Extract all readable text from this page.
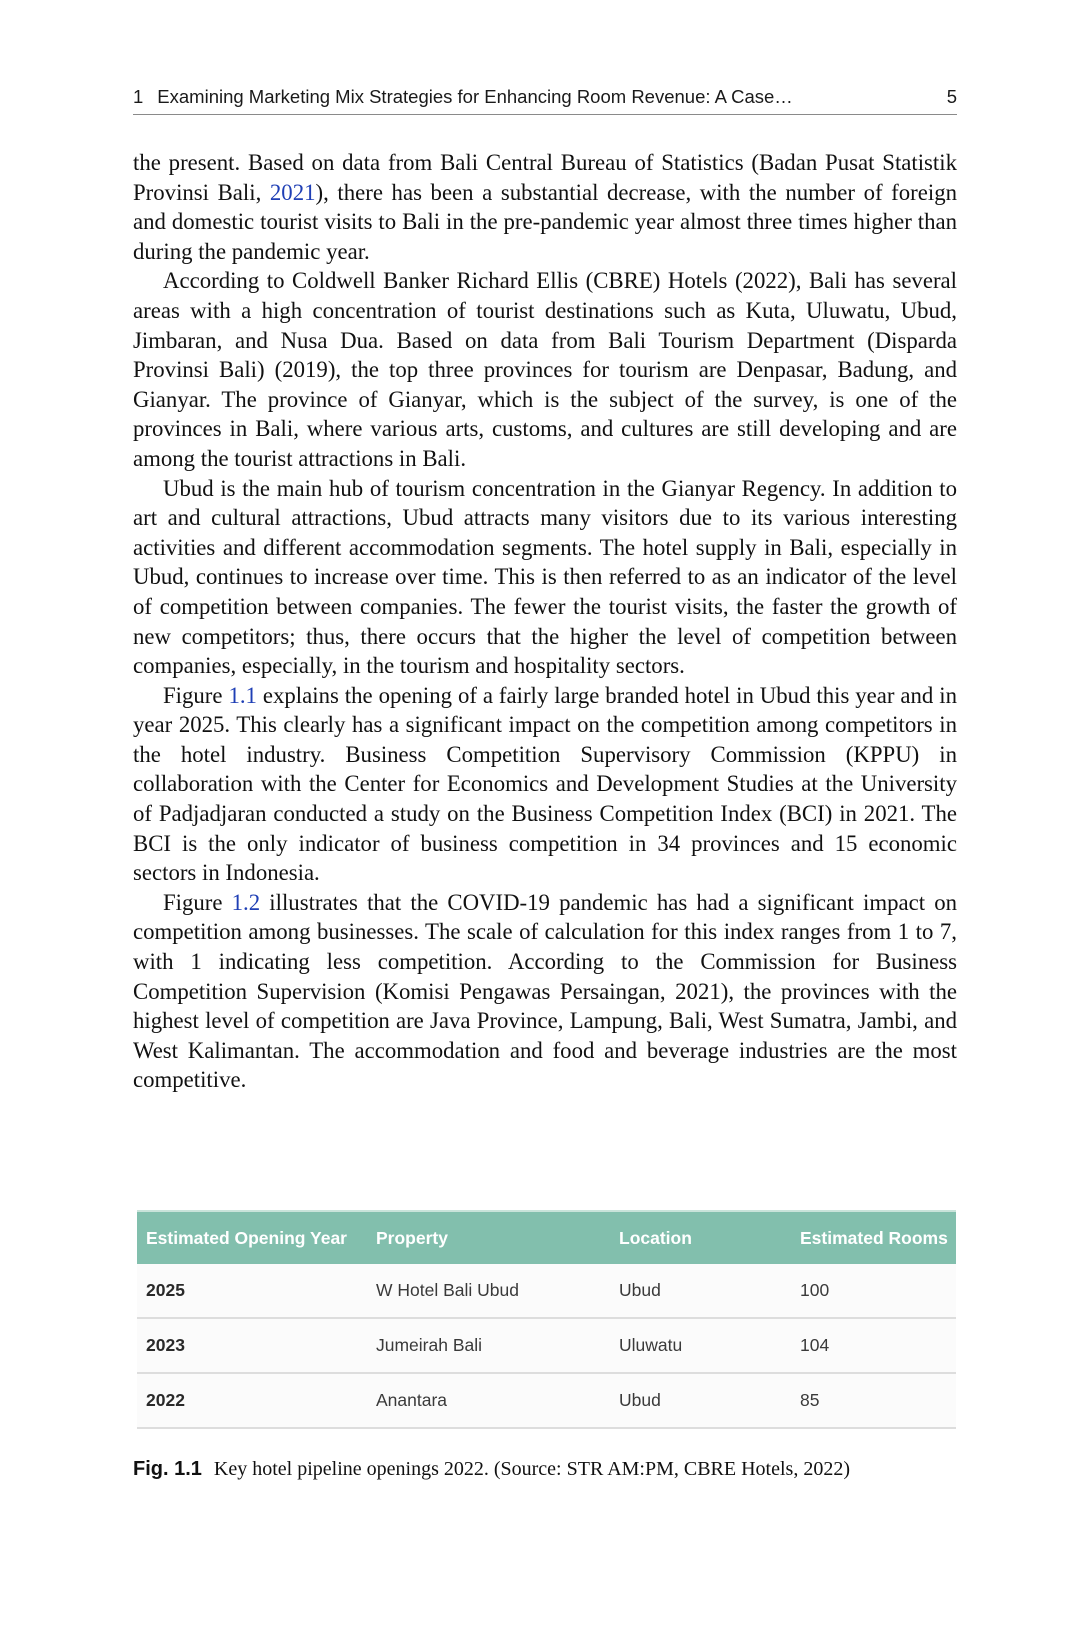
1 Examining Marketing Mix Strategies for Enhancing Room Revenue: A Case…	5

the present. Based on data from Bali Central Bureau of Statistics (Badan Pusat Statistik Provinsi Bali, 2021), there has been a substantial decrease, with the number of foreign and domestic tourist visits to Bali in the pre-pandemic year almost three times higher than during the pandemic year.

According to Coldwell Banker Richard Ellis (CBRE) Hotels (2022), Bali has several areas with a high concentration of tourist destinations such as Kuta, Uluwatu, Ubud, Jimbaran, and Nusa Dua. Based on data from Bali Tourism Department (Disparda Provinsi Bali) (2019), the top three provinces for tourism are Denpasar, Badung, and Gianyar. The province of Gianyar, which is the subject of the survey, is one of the provinces in Bali, where various arts, customs, and cultures are still developing and are among the tourist attractions in Bali.

Ubud is the main hub of tourism concentration in the Gianyar Regency. In addition to art and cultural attractions, Ubud attracts many visitors due to its various interesting activities and different accommodation segments. The hotel supply in Bali, especially in Ubud, continues to increase over time. This is then referred to as an indicator of the level of competition between companies. The fewer the tourist visits, the faster the growth of new competitors; thus, there occurs that the higher the level of competition between companies, especially, in the tourism and hospitality sectors.

Figure 1.1 explains the opening of a fairly large branded hotel in Ubud this year and in year 2025. This clearly has a significant impact on the competition among competitors in the hotel industry. Business Competition Supervisory Commission (KPPU) in collaboration with the Center for Economics and Development Studies at the University of Padjadjaran conducted a study on the Business Competition Index (BCI) in 2021. The BCI is the only indicator of business competition in 34 provinces and 15 economic sectors in Indonesia.

Figure 1.2 illustrates that the COVID-19 pandemic has had a significant impact on competition among businesses. The scale of calculation for this index ranges from 1 to 7, with 1 indicating less competition. According to the Commission for Business Competition Supervision (Komisi Pengawas Persaingan, 2021), the provinces with the highest level of competition are Java Province, Lampung, Bali, West Sumatra, Jambi, and West Kalimantan. The accommodation and food and beverage industries are the most competitive.

Estimated Opening Year	Property	Location	Estimated Rooms
2025	W Hotel Bali Ubud	Ubud	100
2023	Jumeirah Bali	Uluwatu	104
2022	Anantara	Ubud	85
Fig. 1.1 Key hotel pipeline openings 2022. (Source: STR AM:PM, CBRE Hotels, 2022)
